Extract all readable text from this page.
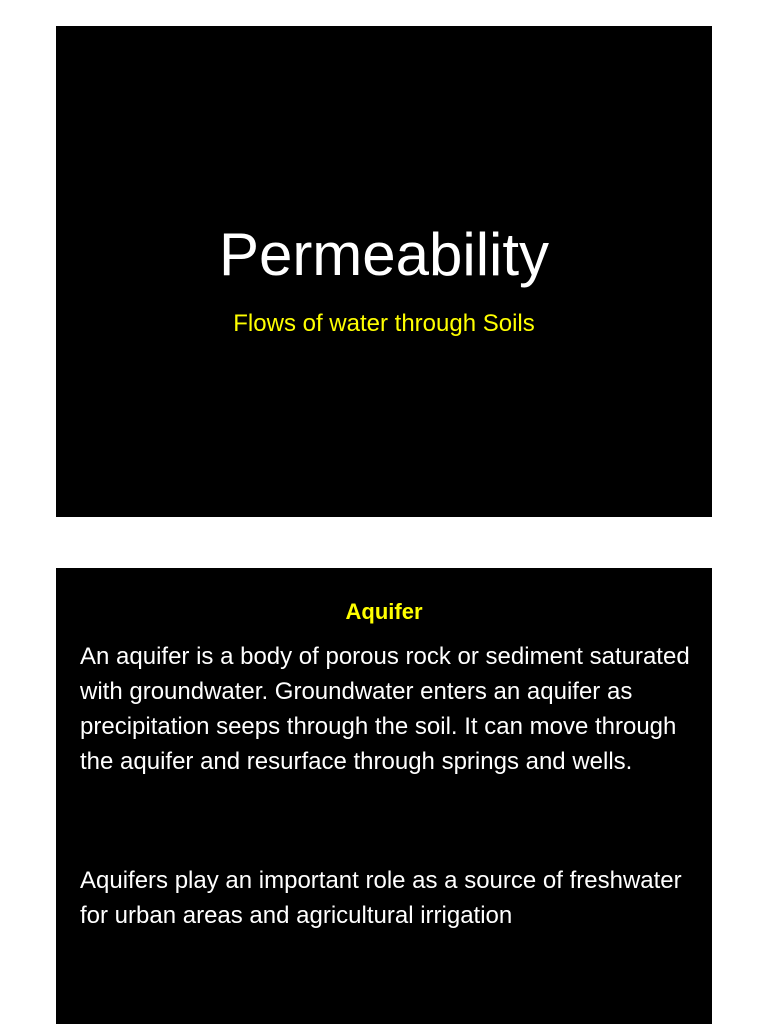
Permeability
Flows of water through Soils
Aquifer
An aquifer is a body of porous rock or sediment saturated with groundwater. Groundwater enters an aquifer as precipitation seeps through the soil. It can move through the aquifer and resurface through springs and wells.
Aquifers play an important role as a source of freshwater for urban areas and agricultural irrigation
